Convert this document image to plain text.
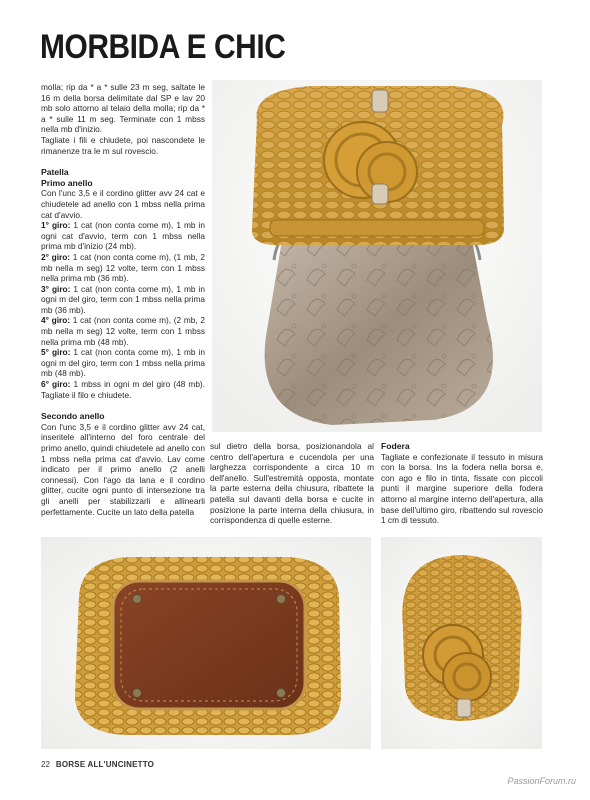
MORBIDA E CHIC

molla; rip da * a * sulle 23 m seg, saltate le 16 m della borsa delimitate dal SP e lav 20 mb solo attorno al telaio della molla; rip da * a * sulle 11 m seg. Terminate con 1 mbss nella mb d'inizio.

Tagliate i fili e chiudete, poi nascondete le rimanenze tra le m sul rovescio.

Patella
Primo anello

Con l'unc 3,5 e il cordino glitter avv 24 cat e chiudetele ad anello con 1 mbss nella prima cat d'avvio.

1° giro: 1 cat (non conta come m), 1 mb in ogni cat d'avvio, term con 1 mbss nella prima mb d'inizio (24 mb).

2° giro: 1 cat (non conta come m), (1 mb, 2 mb nella m seg) 12 volte, term con 1 mbss nella prima mb (36 mb).

3° giro: 1 cat (non conta come m), 1 mb in ogni m del giro, term con 1 mbss nella prima mb (36 mb).

4° giro: 1 cat (non conta come m), (2 mb, 2 mb nella m seg) 12 volte, term con 1 mbss nella prima mb (48 mb).

5° giro: 1 cat (non conta come m), 1 mb in ogni m del giro, term con 1 mbss nella prima mb (48 mb).

6° giro: 1 mbss in ogni m del giro (48 mb). Tagliate il filo e chiudete.

Secondo anello

Con l'unc 3,5 e il cordino glitter avv 24 cat, inseritele all'interno del foro centrale del primo anello, quindi chiudetele ad anello con 1 mbss nella prima cat d'avvio. Lav come indicato per il primo anello (2 anelli connessi). Con l'ago da lana e il cordino glitter, cucite ogni punto di intersezione tra gli anelli per stabilizzarli e allinearli perfettamente. Cucite un lato della patella

sul dietro della borsa, posizionandola al centro dell'apertura e cucendola per una larghezza corrispondente a circa 10 m dell'anello. Sull'estremità opposta, montate la parte esterna della chiusura, ribattete la patella sul davanti della borsa e cucite in posizione la parte interna della chiusura, in corrispondenza di quelle esterne.

Fodera

Tagliate e confezionate il tessuto in misura con la borsa. Ins la fodera nella borsa e, con ago e filo in tinta, fissate con piccoli punti il margine superiore della fodera attorno al margine interno dell'apertura, alla base dell'ultimo giro, ribattendo sul rovescio 1 cm di tessuto.

22 BORSE ALL'UNCINETTO
PassionForum.ru
